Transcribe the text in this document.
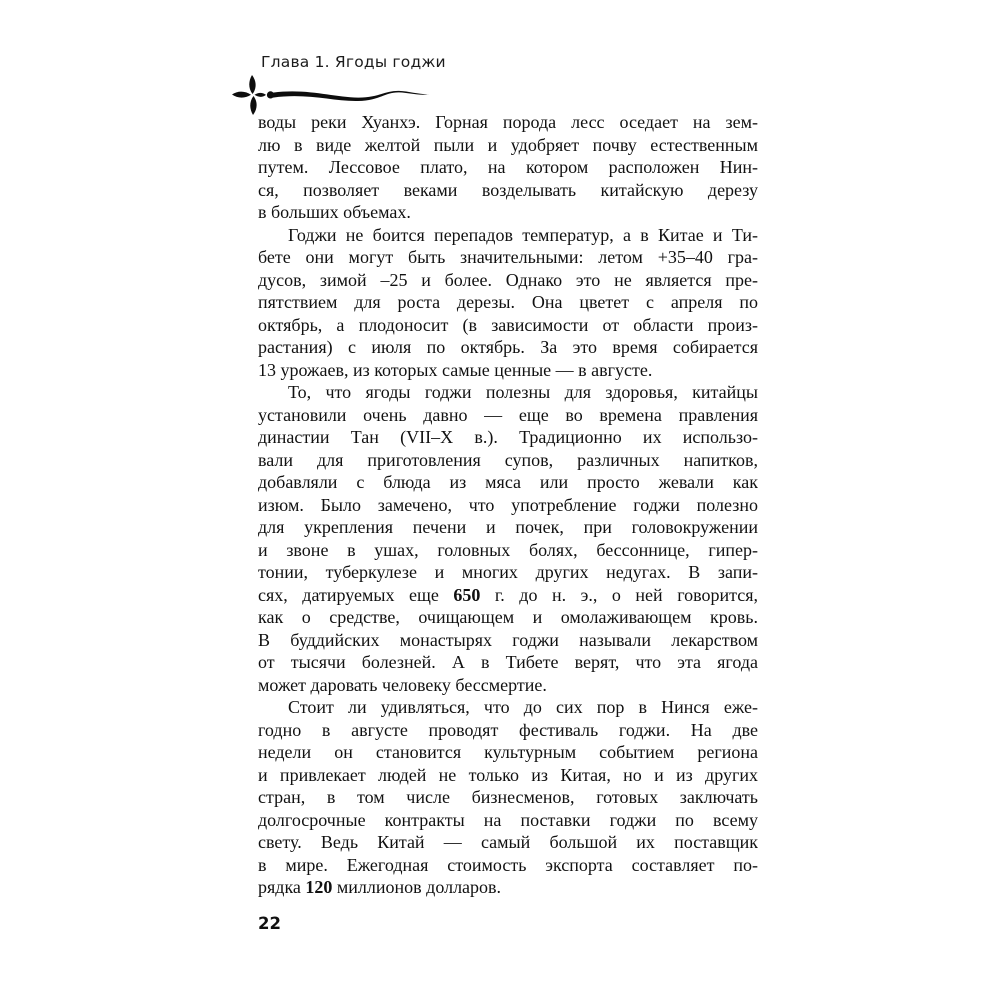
Глава 1. Ягоды годжи
воды реки Хуанхэ. Горная порода лесс оседает на зем-
лю в виде желтой пыли и удобряет почву естественным
путем. Лессовое плато, на котором расположен Нин-
ся, позволяет веками возделывать китайскую дерезу
в больших объемах.
Годжи не боится перепадов температур, а в Китае и Ти-
бете они могут быть значительными: летом +35–40 гра-
дусов, зимой –25 и более. Однако это не является пре-
пятствием для роста дерезы. Она цветет с апреля по
октябрь, а плодоносит (в зависимости от области произ-
растания) с июля по октябрь. За это время собирается
13 урожаев, из которых самые ценные — в августе.
То, что ягоды годжи полезны для здоровья, китайцы
установили очень давно — еще во времена правления
династии Тан (VII–X в.). Традиционно их использо-
вали для приготовления супов, различных напитков,
добавляли с блюда из мяса или просто жевали как
изюм. Было замечено, что употребление годжи полезно
для укрепления печени и почек, при головокружении
и звоне в ушах, головных болях, бессоннице, гипер-
тонии, туберкулезе и многих других недугах. В запи-
сях, датируемых еще 650 г. до н. э., о ней говорится,
как о средстве, очищающем и омолаживающем кровь.
В буддийских монастырях годжи называли лекарством
от тысячи болезней. А в Тибете верят, что эта ягода
может даровать человеку бессмертие.
Стоит ли удивляться, что до сих пор в Нинся еже-
годно в августе проводят фестиваль годжи. На две
недели он становится культурным событием региона
и привлекает людей не только из Китая, но и из других
стран, в том числе бизнесменов, готовых заключать
долгосрочные контракты на поставки годжи по всему
свету. Ведь Китай — самый большой их поставщик
в мире. Ежегодная стоимость экспорта составляет по-
рядка 120 миллионов долларов.
22
